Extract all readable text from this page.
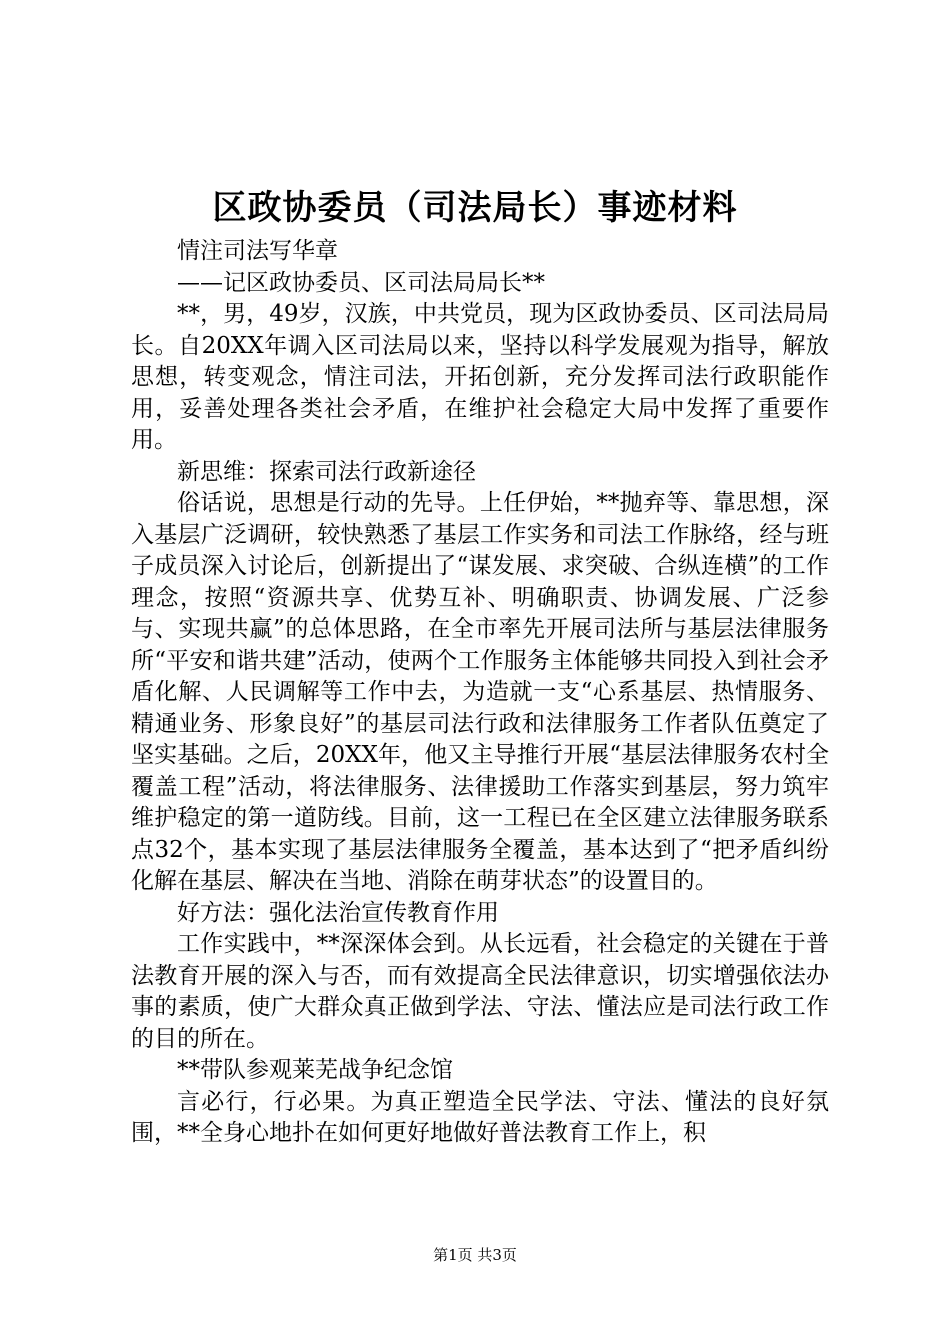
区政协委员（司法局长）事迹材料

情注司法写华章

——记区政协委员、区司法局局长**

**，男，49岁，汉族，中共党员，现为区政协委员、区司法局局长。自20XX年调入区司法局以来，坚持以科学发展观为指导，解放思想，转变观念，情注司法，开拓创新，充分发挥司法行政职能作用，妥善处理各类社会矛盾，在维护社会稳定大局中发挥了重要作用。

新思维：探索司法行政新途径

俗话说，思想是行动的先导。上任伊始，**抛弃等、靠思想，深入基层广泛调研，较快熟悉了基层工作实务和司法工作脉络，经与班子成员深入讨论后，创新提出了“谋发展、求突破、合纵连横”的工作理念，按照“资源共享、优势互补、明确职责、协调发展、广泛参与、实现共赢”的总体思路，在全市率先开展司法所与基层法律服务所“平安和谐共建”活动，使两个工作服务主体能够共同投入到社会矛盾化解、人民调解等工作中去，为造就一支“心系基层、热情服务、精通业务、形象良好”的基层司法行政和法律服务工作者队伍奠定了坚实基础。之后，20XX年，他又主导推行开展“基层法律服务农村全覆盖工程”活动，将法律服务、法律援助工作落实到基层，努力筑牢维护稳定的第一道防线。目前，这一工程已在全区建立法律服务联系点32个，基本实现了基层法律服务全覆盖，基本达到了“把矛盾纠纷化解在基层、解决在当地、消除在萌芽状态”的设置目的。

好方法：强化法治宣传教育作用

工作实践中，**深深体会到。从长远看，社会稳定的关键在于普法教育开展的深入与否，而有效提高全民法律意识，切实增强依法办事的素质，使广大群众真正做到学法、守法、懂法应是司法行政工作的目的所在。

**带队参观莱芜战争纪念馆

言必行，行必果。为真正塑造全民学法、守法、懂法的良好氛围，**全身心地扑在如何更好地做好普法教育工作上，积

第1页 共3页
